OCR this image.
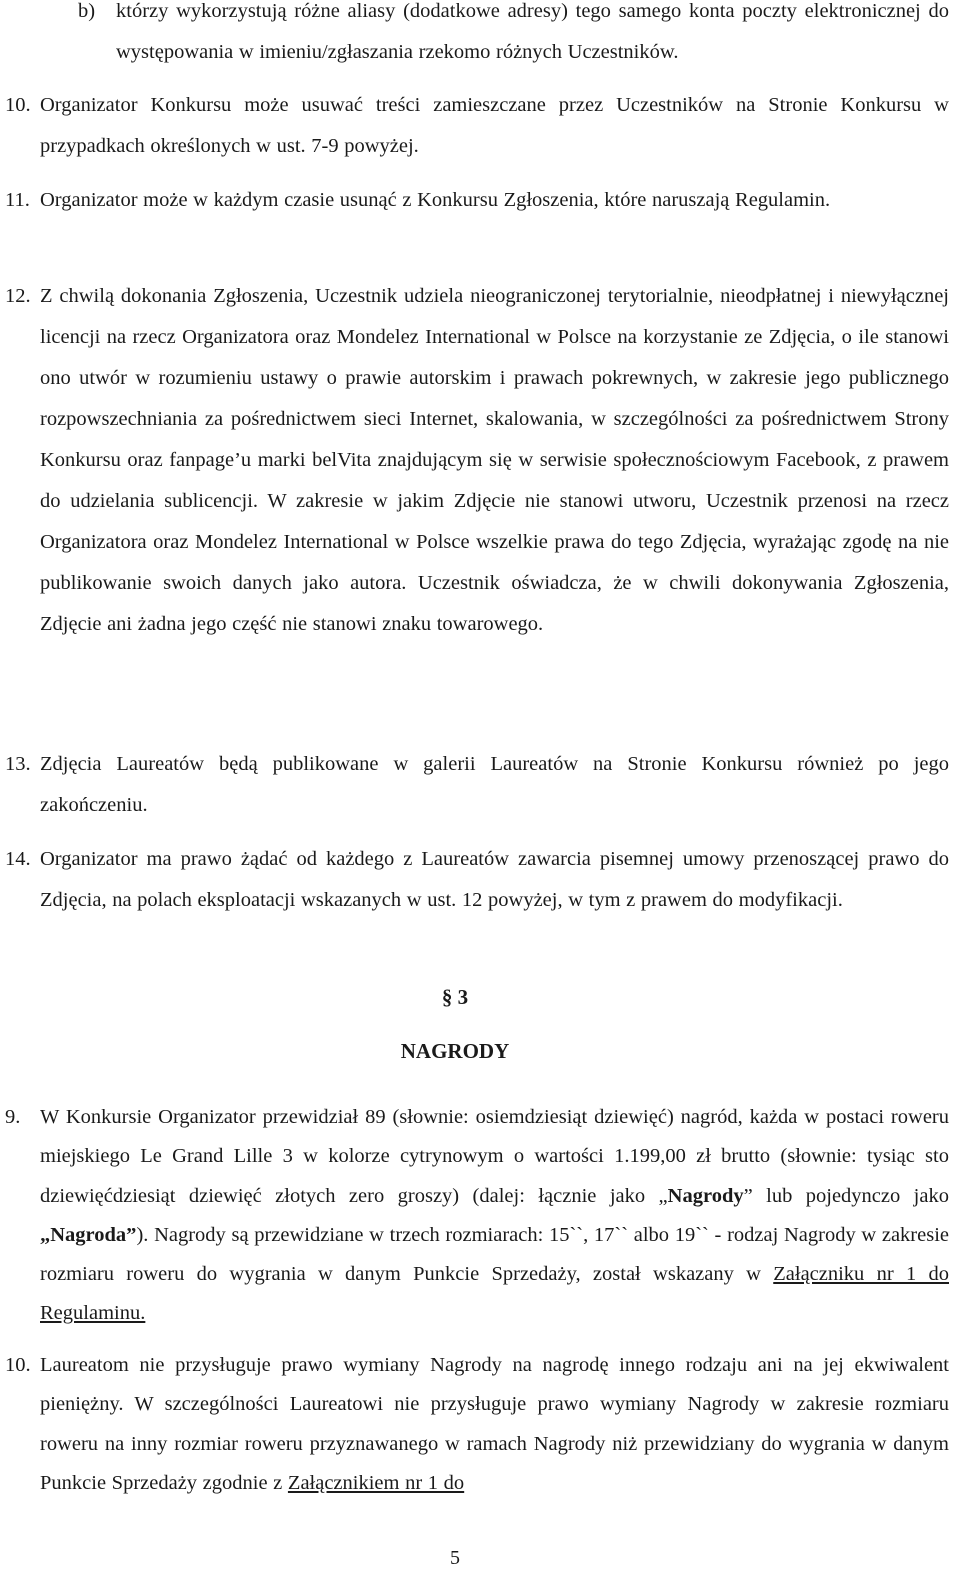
b) którzy wykorzystują różne aliasy (dodatkowe adresy) tego samego konta poczty elektronicznej do występowania w imieniu/zgłaszania rzekomo różnych Uczestników.
10. Organizator Konkursu może usuwać treści zamieszczane przez Uczestników na Stronie Konkursu w przypadkach określonych w ust. 7-9 powyżej.
11. Organizator może w każdym czasie usunąć z Konkursu Zgłoszenia, które naruszają Regulamin.
12. Z chwilą dokonania Zgłoszenia, Uczestnik udziela nieograniczonej terytorialnie, nieodpłatnej i niewyłącznej licencji na rzecz Organizatora oraz Mondelez International w Polsce na korzystanie ze Zdjęcia, o ile stanowi ono utwór w rozumieniu ustawy o prawie autorskim i prawach pokrewnych, w zakresie jego publicznego rozpowszechniania za pośrednictwem sieci Internet, skalowania, w szczególności za pośrednictwem Strony Konkursu oraz fanpage’u marki belVita znajdującym się w serwisie społecznościowym Facebook, z prawem do udzielania sublicencji. W zakresie w jakim Zdjęcie nie stanowi utworu, Uczestnik przenosi na rzecz Organizatora oraz Mondelez International w Polsce wszelkie prawa do tego Zdjęcia, wyrażając zgodę na nie publikowanie swoich danych jako autora. Uczestnik oświadcza, że w chwili dokonywania Zgłoszenia, Zdjęcie ani żadna jego część nie stanowi znaku towarowego.
13. Zdjęcia Laureatów będą publikowane w galerii Laureatów na Stronie Konkursu również po jego zakończeniu.
14. Organizator ma prawo żądać od każdego z Laureatów zawarcia pisemnej umowy przenoszącej prawo do Zdjęcia, na polach eksploatacji wskazanych w ust. 12 powyżej, w tym z prawem do modyfikacji.
§ 3
NAGRODY
9. W Konkursie Organizator przewidział 89 (słownie: osiemdziesiąt dziewięć) nagród, każda w postaci roweru miejskiego Le Grand Lille 3 w kolorze cytrynowym o wartości 1.199,00 zł brutto (słownie: tysiąc sto dziewięćdziesiąt dziewięć złotych zero groszy) (dalej: łącznie jako „Nagrody” lub pojedynczo jako „Nagroda”). Nagrody są przewidziane w trzech rozmiarach: 15``, 17`` albo 19`` - rodzaj Nagrody w zakresie rozmiaru roweru do wygrania w danym Punkcie Sprzedaży, został wskazany w Załączniku nr 1 do Regulaminu.
10. Laureatom nie przysługuje prawo wymiany Nagrody na nagrodę innego rodzaju ani na jej ekwiwalent pieniężny. W szczególności Laureatowi nie przysługuje prawo wymiany Nagrody w zakresie rozmiaru roweru na inny rozmiar roweru przyznawanego w ramach Nagrody niż przewidziany do wygrania w danym Punkcie Sprzedaży zgodnie z Załącznikiem nr 1 do
5
